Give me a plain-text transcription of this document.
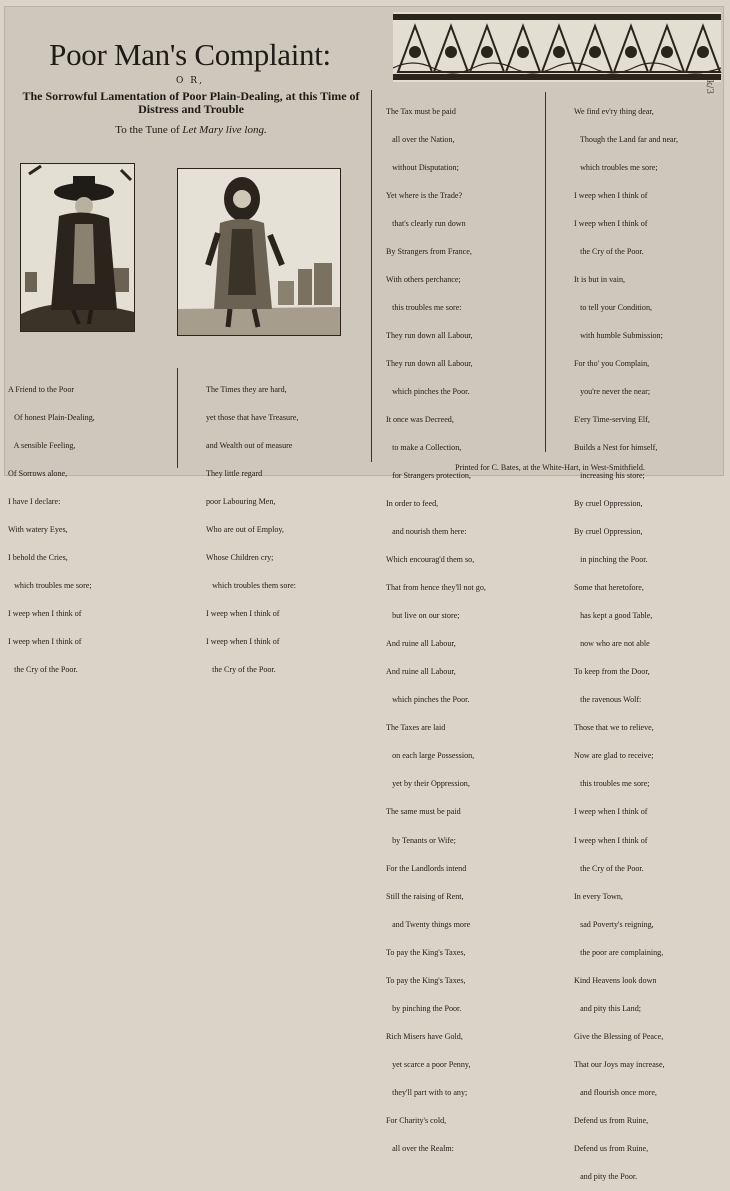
Poor Man's Complaint:
O R,
The Sorrowful Lamentation of Poor Plain-Dealing, at this Time of Distress and Trouble
To the Tune of Let Mary live long.

A Friend to the Poor

Of honest Plain-Dealing,

A sensible Feeling,

Of Sorrows alone,

I have I declare:

With watery Eyes,

I behold the Cries,

which troubles me sore;

I weep when I think of

I weep when I think of

the Cry of the Poor.

The Times they are hard,

yet those that have Treasure,

and Wealth out of measure

They little regard

poor Labouring Men,

Who are out of Employ,

Whose Children cry;

which troubles them sore:

I weep when I think of

I weep when I think of

the Cry of the Poor.

The Tax must be paid

all over the Nation,

without Disputation;

Yet where is the Trade?

that's clearly run down

By Strangers from France,

With others perchance;

this troubles me sore:

They run down all Labour,

They run down all Labour,

which pinches the Poor.

It once was Decreed,

to make a Collection,

for Strangers protection,

In order to feed,

and nourish them here:

Which encourag'd them so,

That from hence they'll not go,

but live on our store;

And ruine all Labour,

And ruine all Labour,

which pinches the Poor.

The Taxes are laid

on each large Possession,

yet by their Oppression,

The same must be paid

by Tenants or Wife;

For the Landlords intend

Still the raising of Rent,

and Twenty things more

To pay the King's Taxes,

To pay the King's Taxes,

by pinching the Poor.

Rich Misers have Gold,

yet scarce a poor Penny,

they'll part with to any;

For Charity's cold,

all over the Realm:

We find ev'ry thing dear,

Though the Land far and near,

which troubles me sore;

I weep when I think of

I weep when I think of

the Cry of the Poor.

It is but in vain,

to tell your Condition,

with humble Submission;

For tho' you Complain,

you're never the near;

E'ery Time-serving Elf,

Builds a Nest for himself,

increasing his store;

By cruel Oppression,

By cruel Oppression,

in pinching the Poor.

Some that heretofore,

has kept a good Table,

now who are not able

To keep from the Door,

the ravenous Wolf:

Those that we to relieve,

Now are glad to receive;

this troubles me sore;

I weep when I think of

I weep when I think of

the Cry of the Poor.

In every Town,

sad Poverty's reigning,

the poor are complaining,

Kind Heavens look down

and pity this Land;

Give the Blessing of Peace,

That our Joys may increase,

and flourish once more,

Defend us from Ruine,

Defend us from Ruine,

and pity the Poor.

k/3
Printed for C. Bates, at the White-Hart, in West-Smithfield.
